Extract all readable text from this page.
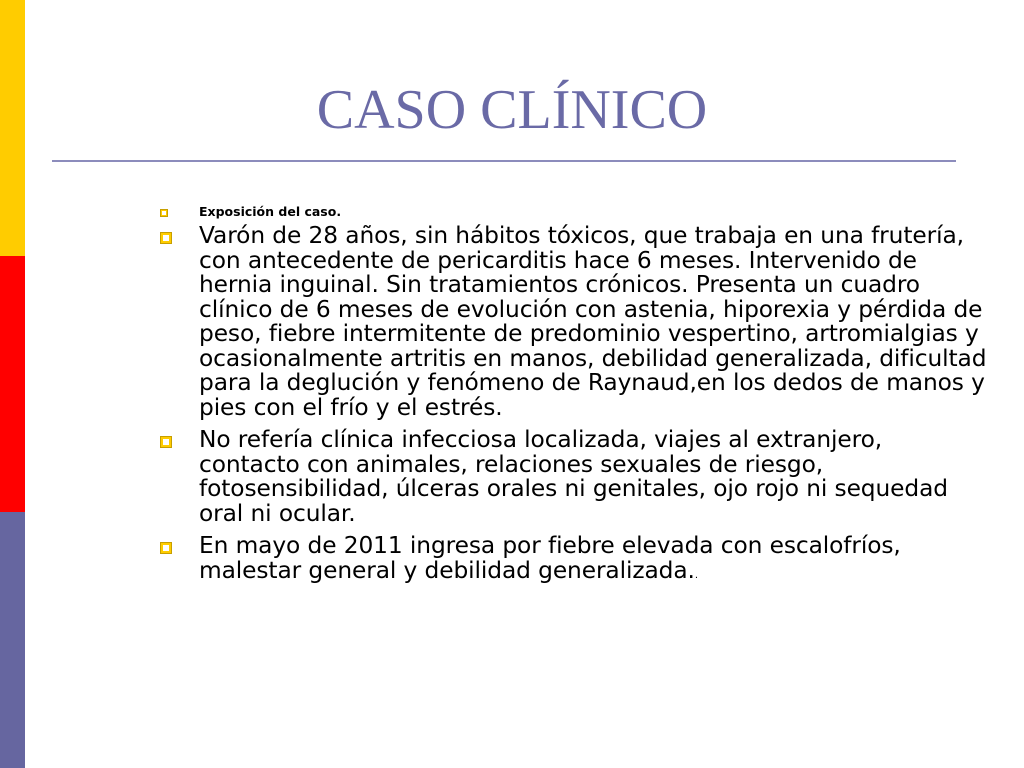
CASO CLÍNICO
Exposición del caso.
Varón de 28 años, sin hábitos tóxicos, que trabaja en una frutería, con antecedente de pericarditis hace 6 meses. Intervenido de hernia inguinal. Sin tratamientos crónicos. Presenta un cuadro clínico de 6 meses de evolución con astenia, hiporexia y pérdida de peso, fiebre intermitente de predominio vespertino, artromialgias y ocasionalmente artritis en manos, debilidad generalizada, dificultad para la deglución y fenómeno de Raynaud,en los dedos de manos y pies con el frío y el estrés.
No refería clínica infecciosa localizada, viajes al extranjero, contacto con animales, relaciones sexuales de riesgo, fotosensibilidad, úlceras orales ni genitales, ojo rojo ni sequedad oral ni ocular.
En mayo de 2011 ingresa por fiebre elevada con escalofríos, malestar general y debilidad generalizada..
